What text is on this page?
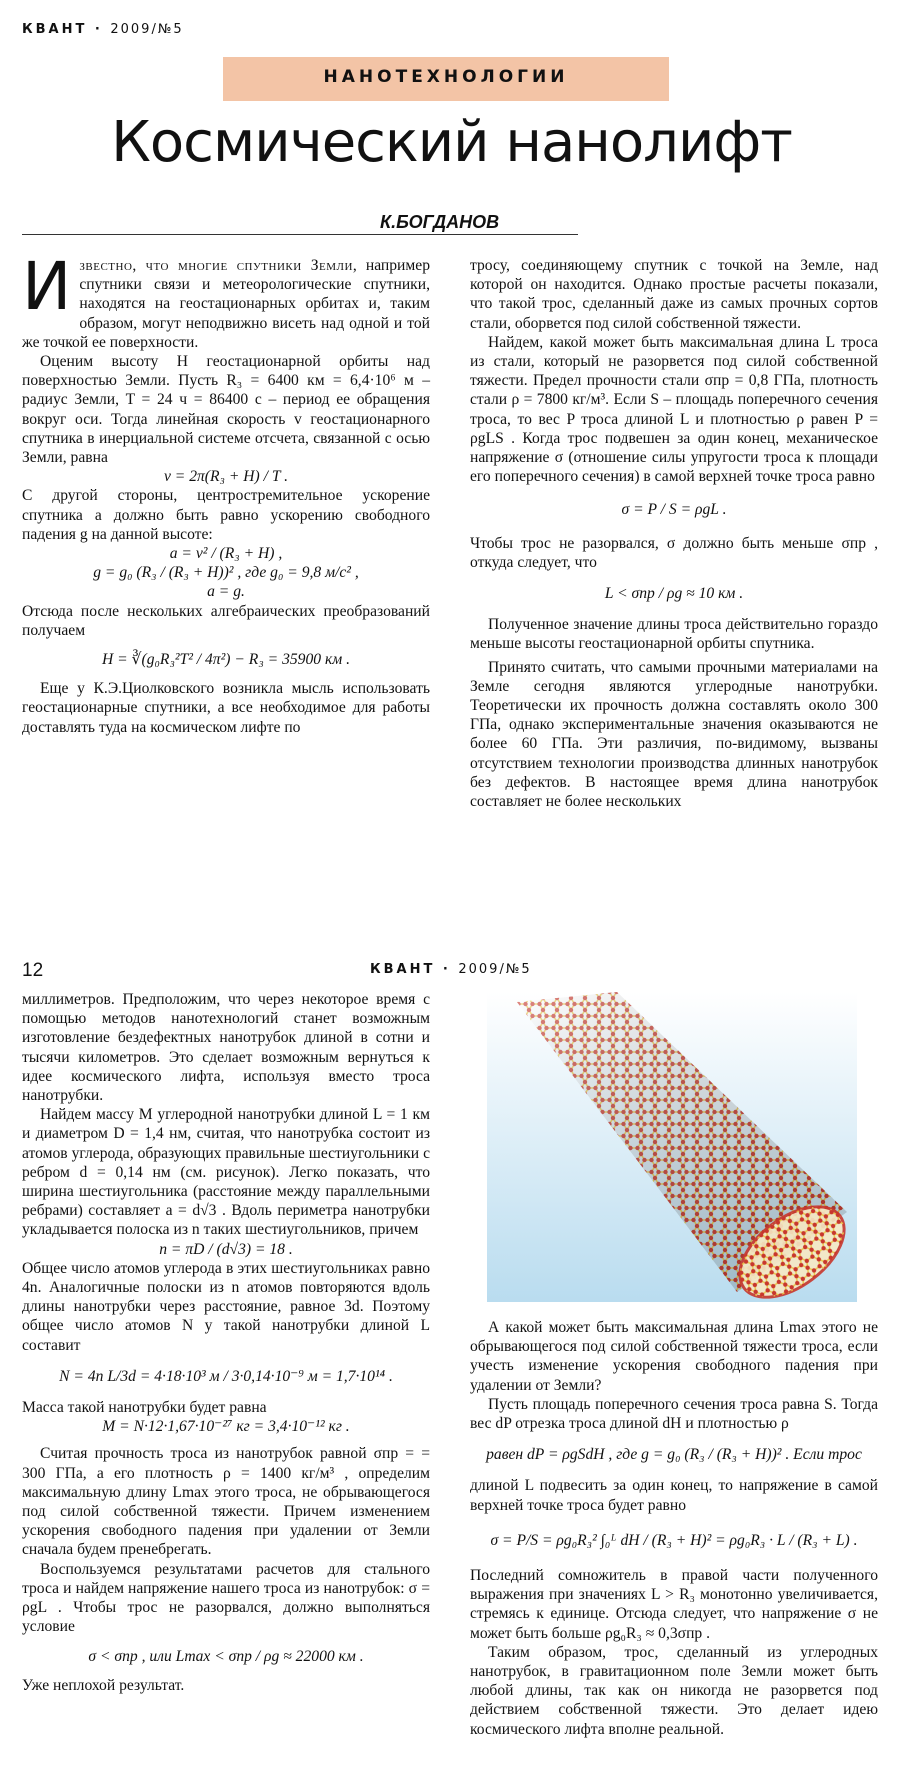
КВАНТ · 2009/№5
НАНОТЕХНОЛОГИИ
Космический нанолифт
К.БОГДАНОВ

Известно, что многие спутники Земли, например спутники связи и метеорологические спутники, находятся на геостационарных орбитах и, таким образом, могут неподвижно висеть над одной и той же точкой ее поверхности.

Оценим высоту H геостационарной орбиты над поверхностью Земли. Пусть R₃ = 6400 км = 6,4·10⁶ м – радиус Земли, T = 24 ч = 86400 с – период ее обращения вокруг оси. Тогда линейная скорость v геостационарного спутника в инерциальной системе отсчета, связанной с осью Земли, равна

v = 2π(R₃ + H) / T .

С другой стороны, центростремительное ускорение спутника a должно быть равно ускорению свободного падения g на данной высоте:

a = v² / (R₃ + H) ,

g = g₀ (R₃ / (R₃ + H))² , где g₀ = 9,8 м/с² ,

a = g.

Отсюда после нескольких алгебраических преобразований получаем

H = ∛(g₀R₃²T² / 4π²) − R₃ = 35900 км .

Еще у К.Э.Циолковского возникла мысль использовать геостационарные спутники, а все необходимое для работы доставлять туда на космическом лифте по

тросу, соединяющему спутник с точкой на Земле, над которой он находится. Однако простые расчеты показали, что такой трос, сделанный даже из самых прочных сортов стали, оборвется под силой собственной тяжести.

Найдем, какой может быть максимальная длина L троса из стали, который не разорвется под силой собственной тяжести. Предел прочности стали σпр = 0,8 ГПа, плотность стали ρ = 7800 кг/м³. Если S – площадь поперечного сечения троса, то вес P троса длиной L и плотностью ρ равен P = ρgLS . Когда трос подвешен за один конец, механическое напряжение σ (отношение силы упругости троса к площади его поперечного сечения) в самой верхней точке троса равно

σ = P / S = ρgL .

Чтобы трос не разорвался, σ должно быть меньше σпр , откуда следует, что

L < σпр / ρg ≈ 10 км .

Полученное значение длины троса действительно гораздо меньше высоты геостационарной орбиты спутника.

Принято считать, что самыми прочными материалами на Земле сегодня являются углеродные нанотрубки. Теоретически их прочность должна составлять около 300 ГПа, однако экспериментальные значения оказываются не более 60 ГПа. Эти различия, по-видимому, вызваны отсутствием технологии производства длинных нанотрубок без дефектов. В настоящее время длина нанотрубок составляет не более нескольких

12	КВАНТ · 2009/№5

миллиметров. Предположим, что через некоторое время с помощью методов нанотехнологий станет возможным изготовление бездефектных нанотрубок длиной в сотни и тысячи километров. Это сделает возможным вернуться к идее космического лифта, используя вместо троса нанотрубки.

Найдем массу M углеродной нанотрубки длиной L = 1 км и диаметром D = 1,4 нм, считая, что нанотрубка состоит из атомов углерода, образующих правильные шестиугольники с ребром d = 0,14 нм (см. рисунок). Легко показать, что ширина шестиугольника (расстояние между параллельными ребрами) составляет a = d√3 . Вдоль периметра нанотрубки укладывается полоска из n таких шестиугольников, причем

n = πD / (d√3) = 18 .

Общее число атомов углерода в этих шестиугольниках равно 4n. Аналогичные полоски из n атомов повторяются вдоль длины нанотрубки через расстояние, равное 3d. Поэтому общее число атомов N у такой нанотрубки длиной L составит

N = 4n L/3d = 4·18·10³ м / 3·0,14·10⁻⁹ м = 1,7·10¹⁴ .

Масса такой нанотрубки будет равна

M = N·12·1,67·10⁻²⁷ кг = 3,4·10⁻¹² кг .

Считая прочность троса из нанотрубок равной σпр = = 300 ГПа, а его плотность ρ = 1400 кг/м³ , определим максимальную длину Lmax этого троса, не обрывающегося под силой собственной тяжести. Причем изменением ускорения свободного падения при удалении от Земли сначала будем пренебрегать.

Воспользуемся результатами расчетов для стального троса и найдем напряжение нашего троса из нанотрубок: σ = ρgL . Чтобы трос не разорвался, должно выполняться условие

σ < σпр , или Lmax < σпр / ρg ≈ 22000 км .

Уже неплохой результат.

А какой может быть максимальная длина Lmax этого не обрывающегося под силой собственной тяжести троса, если учесть изменение ускорения свободного падения при удалении от Земли?

Пусть площадь поперечного сечения троса равна S. Тогда вес dP отрезка троса длиной dH и плотностью ρ

равен dP = ρgSdH , где g = g₀ (R₃ / (R₃ + H))² . Если трос

длиной L подвесить за один конец, то напряжение в самой верхней точке троса будет равно

σ = P/S = ρg₀R₃² ∫₀ᴸ dH / (R₃ + H)² = ρg₀R₃ · L / (R₃ + L) .

Последний сомножитель в правой части полученного выражения при значениях L > R₃ монотонно увеличивается, стремясь к единице. Отсюда следует, что напряжение σ не может быть больше ρg₀R₃ ≈ 0,3σпр .

Таким образом, трос, сделанный из углеродных нанотрубок, в гравитационном поле Земли может быть любой длины, так как он никогда не разорвется под действием собственной тяжести. Это делает идею космического лифта вполне реальной.
